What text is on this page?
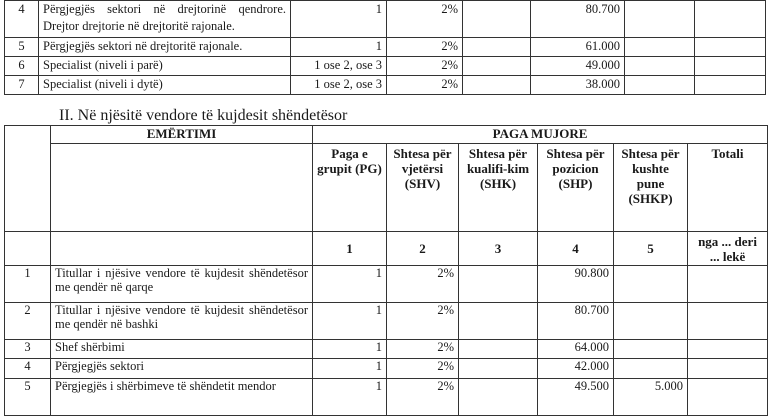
4	Përgjegjës sektori në drejtorinë qendrore. Drejtor drejtorie në drejtoritë rajonale.	1	2%		80.700		
5	Përgjegjës sektori në drejtoritë rajonale.	1	2%		61.000		
6	Specialist (niveli i parë)	1 ose 2, ose 3	2%		49.000		
7	Specialist (niveli i dytë)	1 ose 2, ose 3	2%		38.000		
II. Në njësitë vendore të kujdesit shëndetësor
	EMËRTIMI	PAGA MUJORE					
		Paga e grupit (PG)	Shtesa për vjetërsi (SHV)	Shtesa për kualifi-kim (SHK)	Shtesa për pozicion (SHP)	Shtesa për kushte pune (SHKP)	Totali
		1	2	3	4	5	nga ... deri ... lekë
1	Titullar i njësive vendore të kujdesit shëndetësor me qendër në qarqe	1	2%		90.800		
2	Titullar i njësive vendore të kujdesit shëndetësor me qendër në bashki	1	2%		80.700		
3	Shef shërbimi	1	2%		64.000		
4	Përgjegjës sektori	1	2%		42.000		
5	Përgjegjës i shërbimeve të shëndetit mendor	1	2%		49.500	5.000	
